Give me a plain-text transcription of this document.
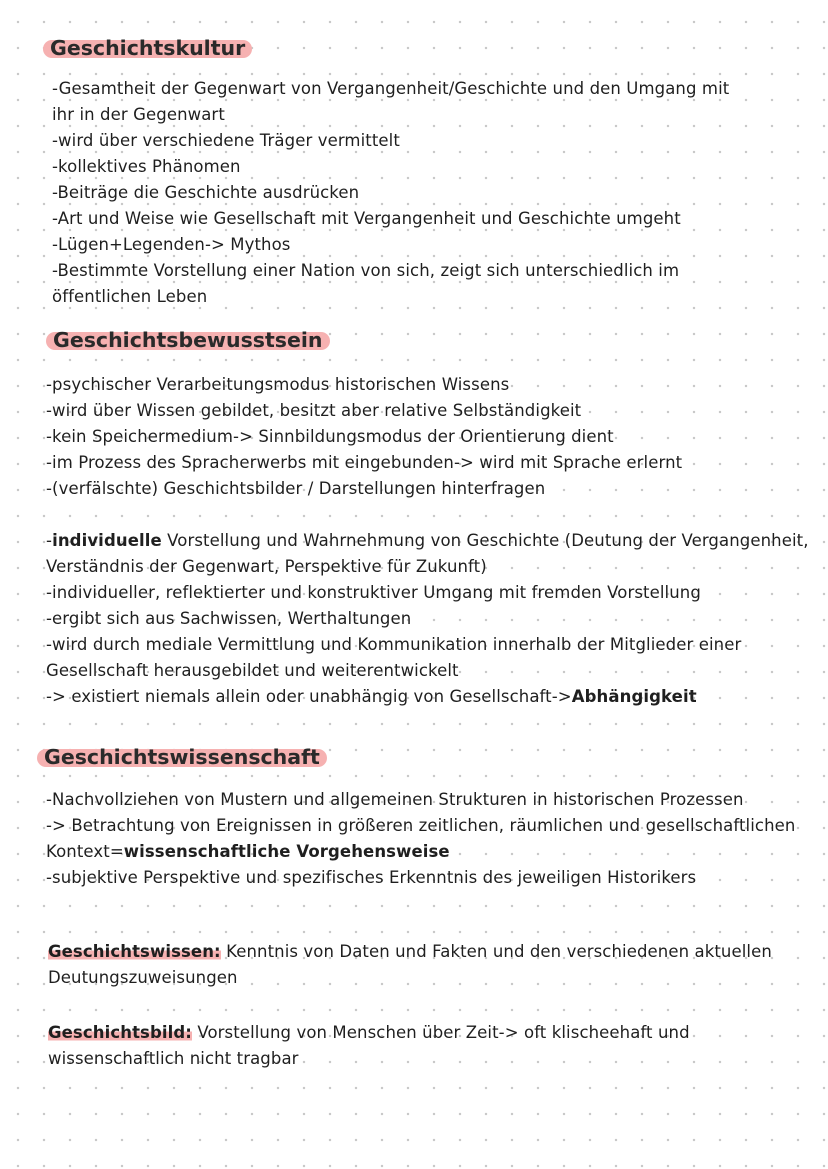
Geschichtskultur
-Gesamtheit der Gegenwart von Vergangenheit/Geschichte und den Umgang mit
ihr in der Gegenwart
-wird über verschiedene Träger vermittelt
-kollektives Phänomen
-Beiträge die Geschichte ausdrücken
-Art und Weise wie Gesellschaft mit Vergangenheit und Geschichte umgeht
-Lügen+Legenden-> Mythos
-Bestimmte Vorstellung einer Nation von sich, zeigt sich unterschiedlich im
öffentlichen Leben
Geschichtsbewusstsein
-psychischer Verarbeitungsmodus historischen Wissens
-wird über Wissen gebildet, besitzt aber relative Selbständigkeit
-kein Speichermedium-> Sinnbildungsmodus der Orientierung dient
-im Prozess des Spracherwerbs mit eingebunden-> wird mit Sprache erlernt
-(verfälschte) Geschichtsbilder / Darstellungen hinterfragen
-individuelle Vorstellung und Wahrnehmung von Geschichte (Deutung der Vergangenheit,
Verständnis der Gegenwart, Perspektive für Zukunft)
-individueller, reflektierter und konstruktiver Umgang mit fremden Vorstellung
-ergibt sich aus Sachwissen, Werthaltungen
-wird durch mediale Vermittlung und Kommunikation innerhalb der Mitglieder einer
Gesellschaft herausgebildet und weiterentwickelt
-> existiert niemals allein oder unabhängig von Gesellschaft->Abhängigkeit
Geschichtswissenschaft
-Nachvollziehen von Mustern und allgemeinen Strukturen in historischen Prozessen
-> Betrachtung von Ereignissen in größeren zeitlichen, räumlichen und gesellschaftlichen
Kontext=wissenschaftliche Vorgehensweise
-subjektive Perspektive und spezifisches Erkenntnis des jeweiligen Historikers
Geschichtswissen: Kenntnis von Daten und Fakten und den verschiedenen aktuellen
Deutungszuweisungen
Geschichtsbild: Vorstellung von Menschen über Zeit-> oft klischeehaft und
wissenschaftlich nicht tragbar
